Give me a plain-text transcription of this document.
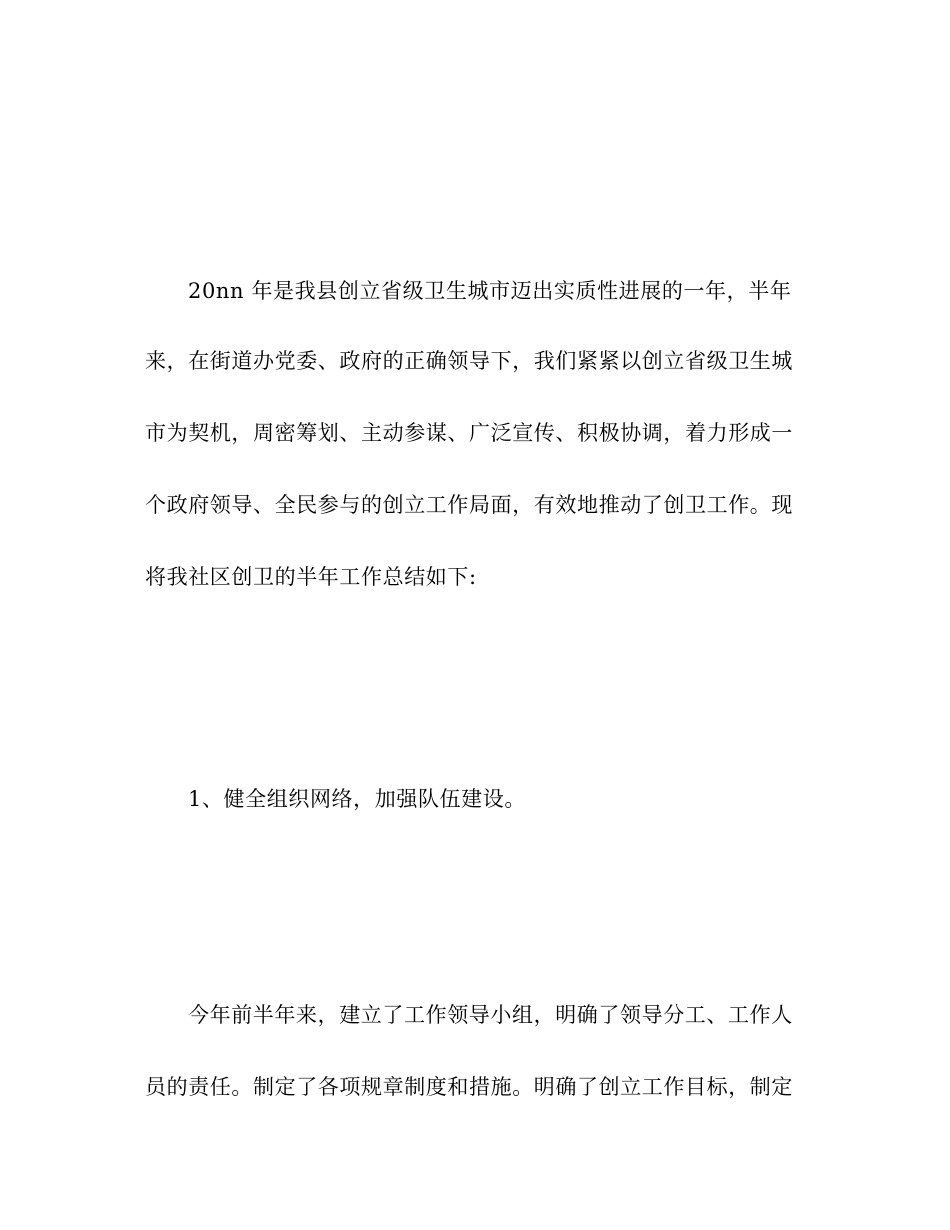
20nn 年是我县创立省级卫生城市迈出实质性进展的一年，半年
来，在街道办党委、政府的正确领导下，我们紧紧以创立省级卫生城
市为契机，周密筹划、主动参谋、广泛宣传、积极协调，着力形成一
个政府领导、全民参与的创立工作局面，有效地推动了创卫工作。现
将我社区创卫的半年工作总结如下:
1、健全组织网络，加强队伍建设。
今年前半年来，建立了工作领导小组，明确了领导分工、工作人
员的责任。制定了各项规章制度和措施。明确了创立工作目标，制定
